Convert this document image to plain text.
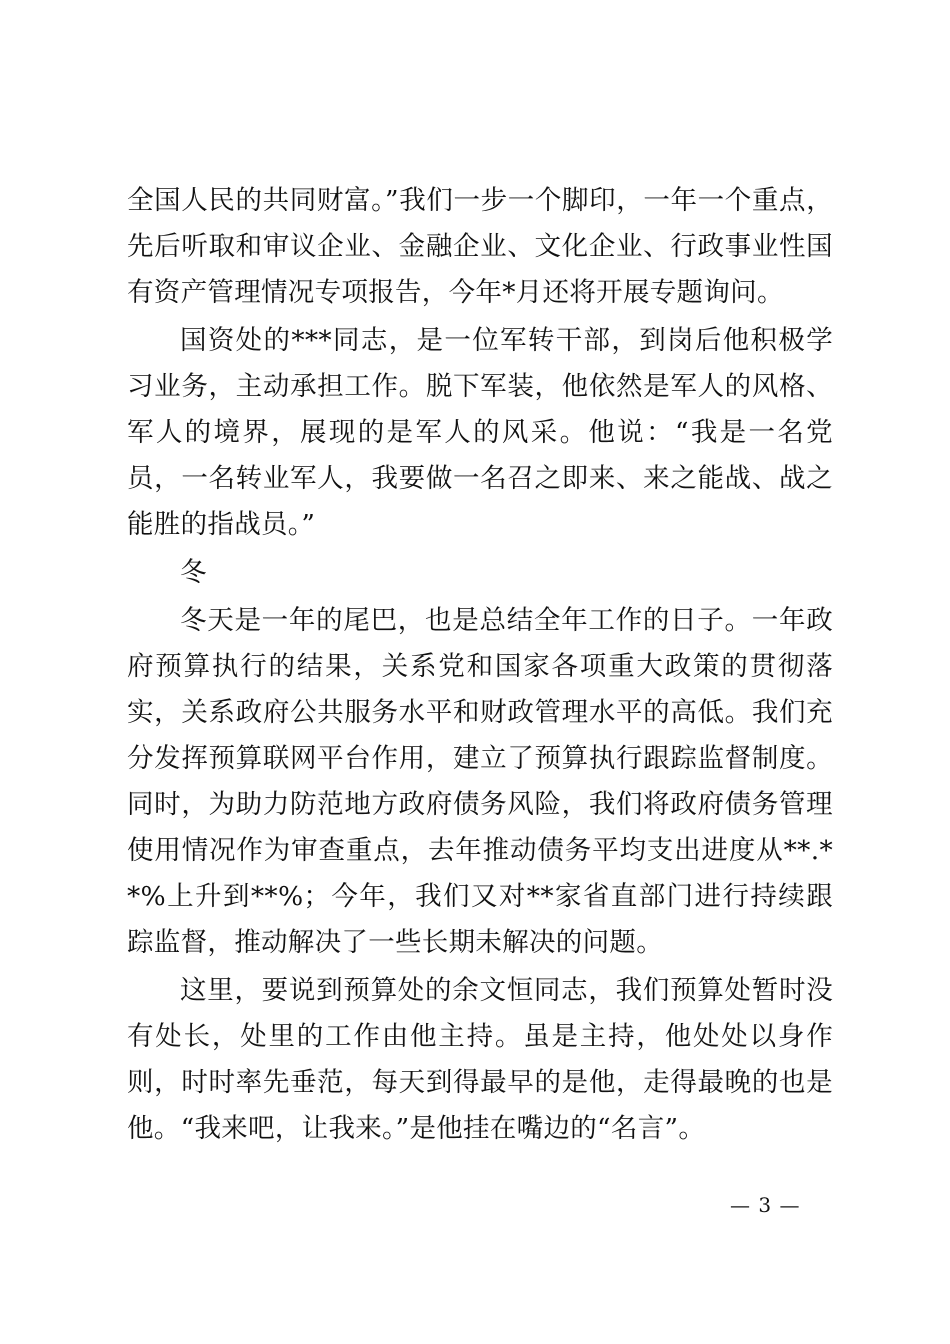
全国人民的共同财富。”我们一步一个脚印，一年一个重点，先后听取和审议企业、金融企业、文化企业、行政事业性国有资产管理情况专项报告，今年*月还将开展专题询问。

国资处的***同志，是一位军转干部，到岗后他积极学习业务，主动承担工作。脱下军装，他依然是军人的风格、军人的境界，展现的是军人的风采。他说：“我是一名党员，一名转业军人，我要做一名召之即来、来之能战、战之能胜的指战员。”

冬

冬天是一年的尾巴，也是总结全年工作的日子。一年政府预算执行的结果，关系党和国家各项重大政策的贯彻落实，关系政府公共服务水平和财政管理水平的高低。我们充分发挥预算联网平台作用，建立了预算执行跟踪监督制度。同时，为助力防范地方政府债务风险，我们将政府债务管理使用情况作为审查重点，去年推动债务平均支出进度从**.**%上升到**%；今年，我们又对**家省直部门进行持续跟踪监督，推动解决了一些长期未解决的问题。

这里，要说到预算处的余文恒同志，我们预算处暂时没有处长，处里的工作由他主持。虽是主持，他处处以身作则，时时率先垂范，每天到得最早的是他，走得最晚的也是他。“我来吧，让我来。”是他挂在嘴边的“名言”。

— 3 —
